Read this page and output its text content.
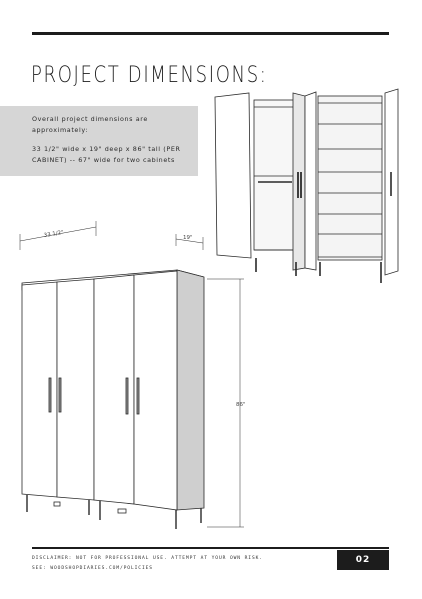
PROJECT DIMENSIONS:

Overall project dimensions are approximately:

33 1/2" wide x 19" deep x 86" tall (PER CABINET) -- 67" wide for two cabinets

33 1/2"	19"
86"
DISCLAIMER: NOT FOR PROFESSIONAL USE. ATTEMPT AT YOUR OWN RISK.
SEE: WOODSHOPDIARIES.COM/POLICIES
02
